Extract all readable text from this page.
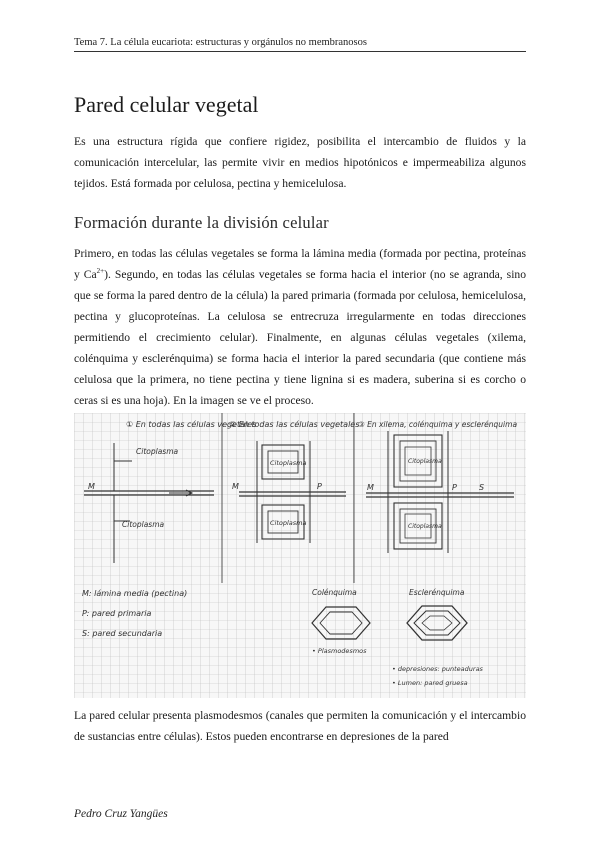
Tema 7. La célula eucariota: estructuras y orgánulos no membranosos
Pared celular vegetal

Es una estructura rígida que confiere rigidez, posibilita el intercambio de fluidos y la comunicación intercelular, las permite vivir en medios hipotónicos e impermeabiliza algunos tejidos. Está formada por celulosa, pectina y hemicelulosa.

Formación durante la división celular

Primero, en todas las células vegetales se forma la lámina media (formada por pectina, proteínas y $Ca^{2+}$). Segundo, en todas las células vegetales se forma hacia el interior (no se agranda, sino que se forma la pared dentro de la célula) la pared primaria (formada por celulosa, hemicelulosa, pectina y glucoproteínas. La celulosa se entrecruza irregularmente en todas direcciones permitiendo el crecimiento celular). Finalmente, en algunas células vegetales (xilema, colénquima y esclerénquima) se forma hacia el interior la pared secundaria (que contiene más celulosa que la primera, no tiene pectina y tiene lignina si es madera, suberina si es corcho o ceras si es una hoja). En la imagen se ve el proceso.

① En todas las células vegetales
② En todas las células vegetales
③ En xilema, colénquima y esclerénquima
Citoplasma
Citoplasma
M
Citoplasma
Citoplasma
M	P
Citoplasma
Citoplasma
M	P	S
M: lámina media (pectina)
P: pared primaria
S: pared secundaria
Colénquima
• Plasmodesmos
Esclerénquima
• depresiones: punteaduras
• Lumen: pared gruesa

La pared celular presenta plasmodesmos (canales que permiten la comunicación y el intercambio de sustancias entre células). Estos pueden encontrarse en depresiones de la pared

Pedro Cruz Yangües
